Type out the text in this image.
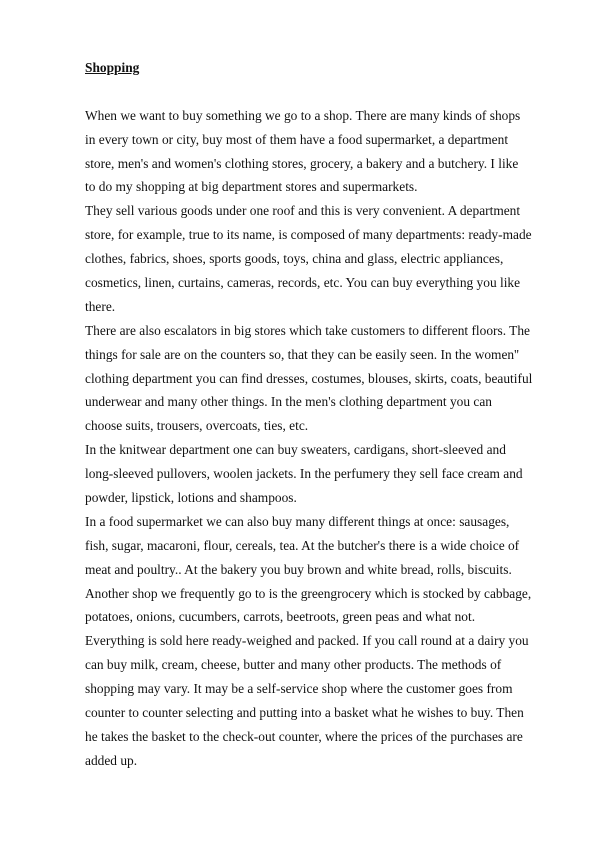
Shopping

When we want to buy something we go to a shop. There are many kinds of shops
in every town or city, buy most of them have a food supermarket, a department
store, men's and women's clothing stores, grocery, a bakery and a butchery. I like
to do my shopping at big department stores and supermarkets.

They sell various goods under one roof and this is very convenient. A department
store, for example, true to its name, is composed of many departments: ready-made
clothes, fabrics, shoes, sports goods, toys, china and glass, electric appliances,
cosmetics, linen, curtains, cameras, records, etc. You can buy everything you like
there.

There are also escalators in big stores which take customers to different floors. The
things for sale are on the counters so, that they can be easily seen. In the women''
clothing department you can find dresses, costumes, blouses, skirts, coats, beautiful
underwear and many other things. In the men's clothing department you can
choose suits, trousers, overcoats, ties, etc.

In the knitwear department one can buy sweaters, cardigans, short-sleeved and
long-sleeved pullovers, woolen jackets. In the perfumery they sell face cream and
powder, lipstick, lotions and shampoos.

In a food supermarket we can also buy many different things at once: sausages,
fish, sugar, macaroni, flour, cereals, tea. At the butcher's there is a wide choice of
meat and poultry.. At the bakery you buy brown and white bread, rolls, biscuits.
Another shop we frequently go to is the greengrocery which is stocked by cabbage,
potatoes, onions, cucumbers, carrots, beetroots, green peas and what not.
Everything is sold here ready-weighed and packed. If you call round at a dairy you
can buy milk, cream, cheese, butter and many other products. The methods of
shopping may vary. It may be a self-service shop where the customer goes from
counter to counter selecting and putting into a basket what he wishes to buy. Then
he takes the basket to the check-out counter, where the prices of the purchases are
added up.
